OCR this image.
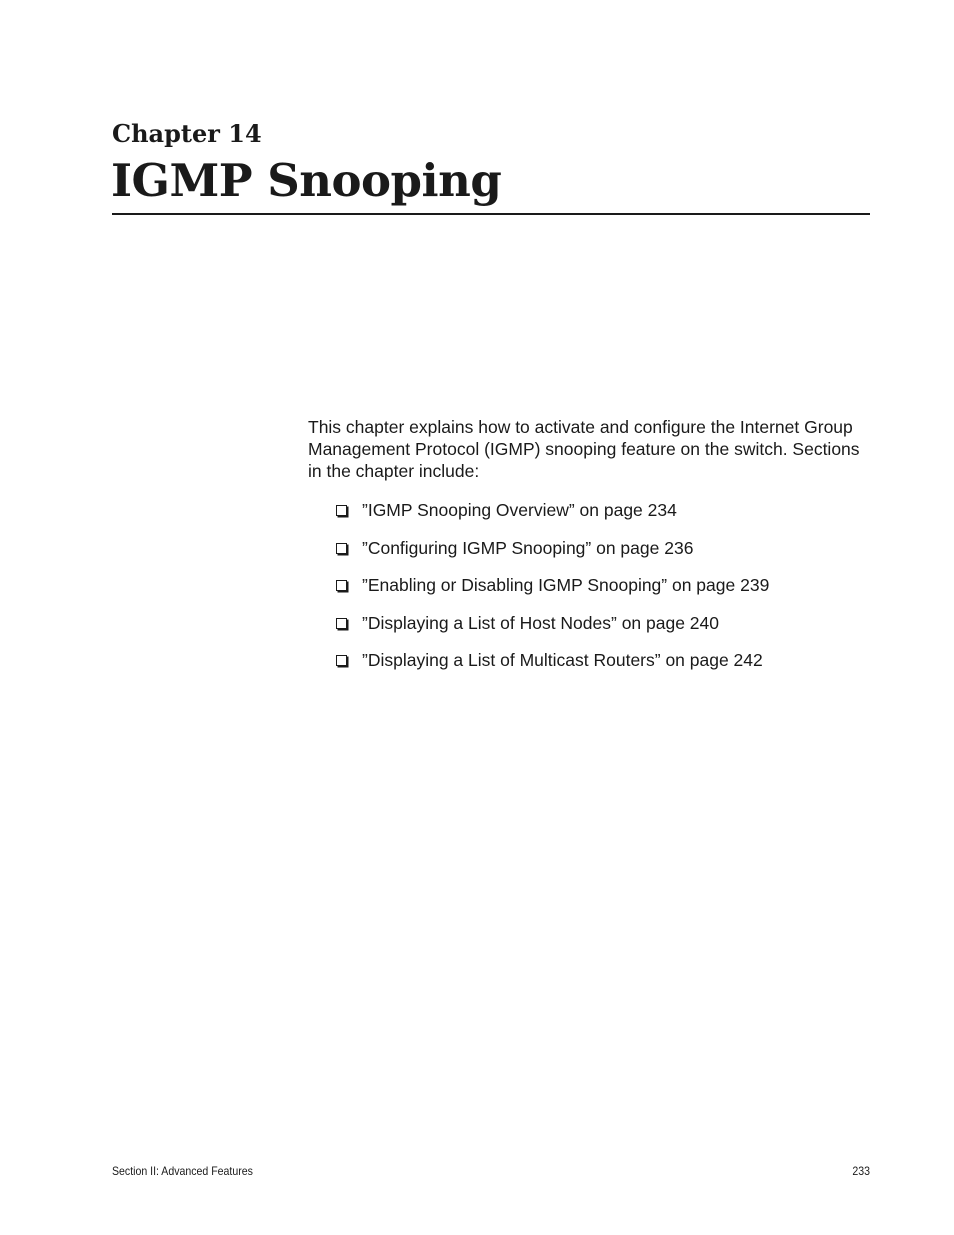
Chapter 14
IGMP Snooping

This chapter explains how to activate and configure the Internet Group Management Protocol (IGMP) snooping feature on the switch. Sections in the chapter include:

”IGMP Snooping Overview” on page 234
”Configuring IGMP Snooping” on page 236
”Enabling or Disabling IGMP Snooping” on page 239
”Displaying a List of Host Nodes” on page 240
”Displaying a List of Multicast Routers” on page 242
Section II: Advanced Features	233
